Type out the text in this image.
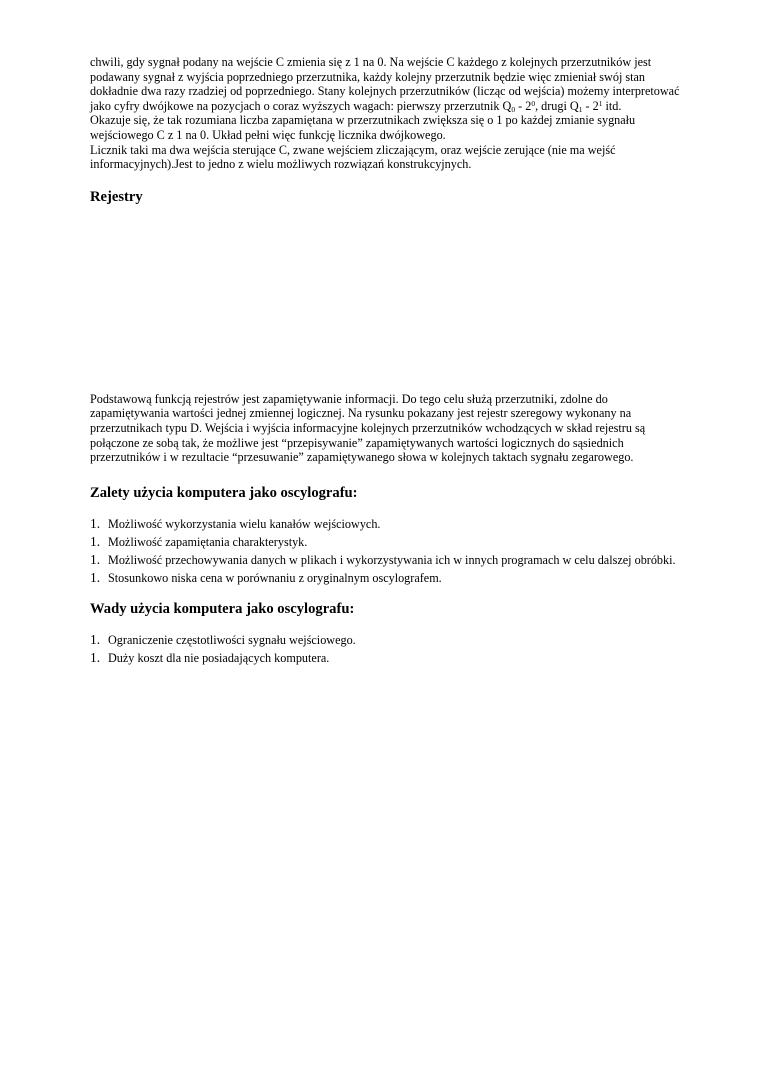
chwili, gdy sygnał podany na wejście C zmienia się z 1 na 0. Na wejście C każdego z kolejnych przerzutników jest podawany sygnał z wyjścia poprzedniego przerzutnika, każdy kolejny przerzutnik będzie więc zmieniał swój stan dokładnie dwa razy rzadziej od poprzedniego. Stany kolejnych przerzutników (licząc od wejścia) możemy interpretować jako cyfry dwójkowe na pozycjach o coraz wyższych wagach: pierwszy przerzutnik $Q_0 - 2^0$, drugi $Q_1 - 2^1$ itd.

Okazuje się, że tak rozumiana liczba zapamiętana w przerzutnikach zwiększa się o 1 po każdej zmianie sygnału wejściowego C z 1 na 0. Układ pełni więc funkcję licznika dwójkowego.

Licznik taki ma dwa wejścia sterujące C, zwane wejściem zliczającym, oraz wejście zerujące (nie ma wejść informacyjnych).Jest to jedno z wielu możliwych rozwiązań konstrukcyjnych.

Rejestry

Podstawową funkcją rejestrów jest zapamiętywanie informacji. Do tego celu służą przerzutniki, zdolne do zapamiętywania wartości jednej zmiennej logicznej. Na rysunku pokazany jest rejestr szeregowy wykonany na przerzutnikach typu D. Wejścia i wyjścia informacyjne kolejnych przerzutników wchodzących w skład rejestru są połączone ze sobą tak, że możliwe jest “przepisywanie” zapamiętywanych wartości logicznych do sąsiednich przerzutników i w rezultacie “przesuwanie” zapamiętywanego słowa w kolejnych taktach sygnału zegarowego.

Zalety użycia komputera jako oscylografu:
1. Możliwość wykorzystania wielu kanałów wejściowych.
1. Możliwość zapamiętania charakterystyk.
1. Możliwość przechowywania danych w plikach i wykorzystywania ich w innych programach w celu dalszej obróbki.
1. Stosunkowo niska cena w porównaniu z oryginalnym oscylografem.
Wady użycia komputera jako oscylografu:
1. Ograniczenie częstotliwości sygnału wejściowego.
1. Duży koszt dla nie posiadających komputera.
